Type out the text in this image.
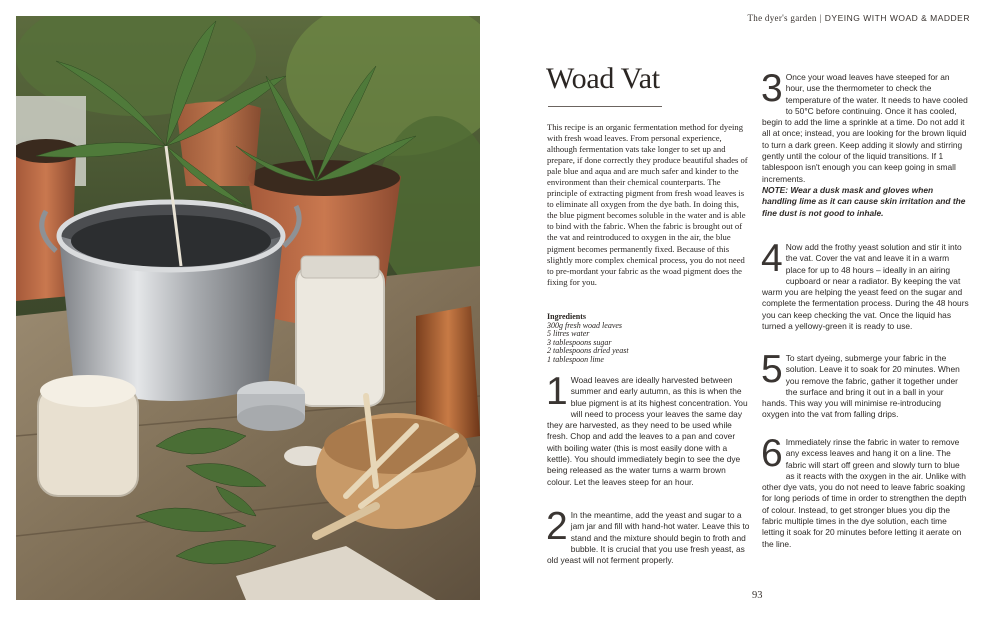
The dyer's garden | DYEING WITH WOAD & MADDER
Woad Vat

This recipe is an organic fermentation method for dyeing with fresh woad leaves. From personal experience, although fermentation vats take longer to set up and prepare, if done correctly they produce beautiful shades of pale blue and aqua and are much safer and kinder to the environment than their chemical counterparts. The principle of extracting pigment from fresh woad leaves is to eliminate all oxygen from the dye bath. In doing this, the blue pigment becomes soluble in the water and is able to bind with the fabric. When the fabric is brought out of the vat and reintroduced to oxygen in the air, the blue pigment becomes permanently fixed. Because of this slightly more complex chemical process, you do not need to pre-mordant your fabric as the woad pigment does the fixing for you.

Ingredients
300g fresh woad leaves
5 litres water
3 tablespoons sugar
2 tablespoons dried yeast
1 tablespoon lime
1 Woad leaves are ideally harvested between summer and early autumn, as this is when the blue pigment is at its highest concentration. You will need to process your leaves the same day they are harvested, as they need to be used while fresh. Chop and add the leaves to a pan and cover with boiling water (this is most easily done with a kettle). You should immediately begin to see the dye being released as the water turns a warm brown colour. Let the leaves steep for an hour.

2 In the meantime, add the yeast and sugar to a jam jar and fill with hand-hot water. Leave this to stand and the mixture should begin to froth and bubble. It is crucial that you use fresh yeast, as old yeast will not ferment properly.

3 Once your woad leaves have steeped for an hour, use the thermometer to check the temperature of the water. It needs to have cooled to 50°C before continuing. Once it has cooled, begin to add the lime a sprinkle at a time. Do not add it all at once; instead, you are looking for the brown liquid to turn a dark green. Keep adding it slowly and stirring gently until the colour of the liquid transitions. If 1 tablespoon isn't enough you can keep going in small increments.

NOTE: Wear a dusk mask and gloves when handling lime as it can cause skin irritation and the fine dust is not good to inhale.
4 Now add the frothy yeast solution and stir it into the vat. Cover the vat and leave it in a warm place for up to 48 hours – ideally in an airing cupboard or near a radiator. By keeping the vat warm you are helping the yeast feed on the sugar and complete the fermentation process. During the 48 hours you can keep checking the vat. Once the liquid has turned a yellowy-green it is ready to use.

5 To start dyeing, submerge your fabric in the solution. Leave it to soak for 20 minutes. When you remove the fabric, gather it together under the surface and bring it out in a ball in your hands. This way you will minimise re-introducing oxygen into the vat from falling drips.

6 Immediately rinse the fabric in water to remove any excess leaves and hang it on a line. The fabric will start off green and slowly turn to blue as it reacts with the oxygen in the air. Unlike with other dye vats, you do not need to leave fabric soaking for long periods of time in order to strengthen the depth of colour. Instead, to get stronger blues you dip the fabric multiple times in the dye solution, each time letting it soak for 20 minutes before letting it aerate on the line.

93
